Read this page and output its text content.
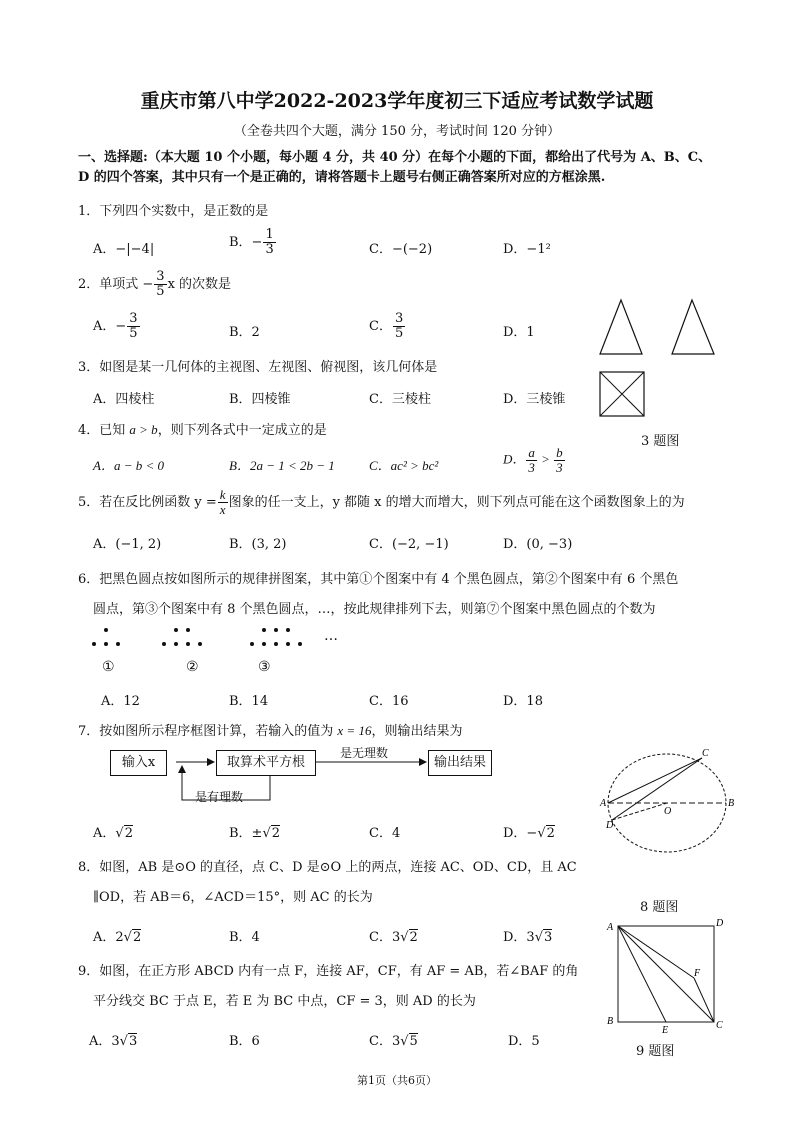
重庆市第八中学2022-2023学年度初三下适应考试数学试题
（全卷共四个大题，满分 150 分，考试时间 120 分钟）
一、选择题:（本大题 10 个小题，每小题 4 分，共 40 分）在每个小题的下面，都给出了代号为 A、B、C、
D 的四个答案，其中只有一个是正确的，请将答题卡上题号右侧正确答案所对应的方框涂黑.
1．下列四个实数中，是正数的是
A．−|−4|	B．− $\frac{1}{3}$	C．−(−2)	D．−1²
2．单项式 − $\frac{3}{5}$ x 的次数是
A．− $\frac{3}{5}$	B．2	C． $\frac{3}{5}$	D．1
3 题图
3．如图是某一几何体的主视图、左视图、俯视图，该几何体是
A．四棱柱	B．四棱锥	C．三棱柱	D．三棱锥
4．已知 a > b，则下列各式中一定成立的是
A．a − b < 0	B．2a − 1 < 2b − 1	C．ac² > bc²	D． $\frac{a}{3} > \frac{b}{3}$
5．若在反比例函数 $y = \frac{k}{x}$ 图象的任一支上，y 都随 x 的增大而增大，则下列点可能在这个函数图象上的为
A．(−1, 2)	B．(3, 2)	C．(−2, −1)	D．(0, −3)
6．把黑色圆点按如图所示的规律拼图案，其中第①个图案中有 4 个黑色圆点，第②个图案中有 6 个黑色
圆点，第③个图案中有 8 个黑色圆点，…，按此规律排列下去，则第⑦个图案中黑色圆点的个数为
…
①	②	③
A．12	B．14	C．16	D．18
7．按如图所示程序框图计算，若输入的值为 x = 16，则输出结果为
输入x	取算术平方根	输出结果
是无理数
是有理数
A．√2	B．±√2	C．4	D．−√2
C
A	B
D
O
8 题图
8．如图，AB 是⊙O 的直径，点 C、D 是⊙O 上的两点，连接 AC、OD、CD，且 AC
∥OD，若 AB＝6，∠ACD＝15°，则 AC 的长为
A．2√2	B．4	C．3√2	D．3√3
A	D
B	C
E
F
9 题图
9．如图，在正方形 ABCD 内有一点 F，连接 AF，CF，有 AF = AB，若∠BAF 的角
平分线交 BC 于点 E，若 E 为 BC 中点，CF = 3，则 AD 的长为
A．3√3	B．6	C．3√5	D．5
第1页（共6页）
